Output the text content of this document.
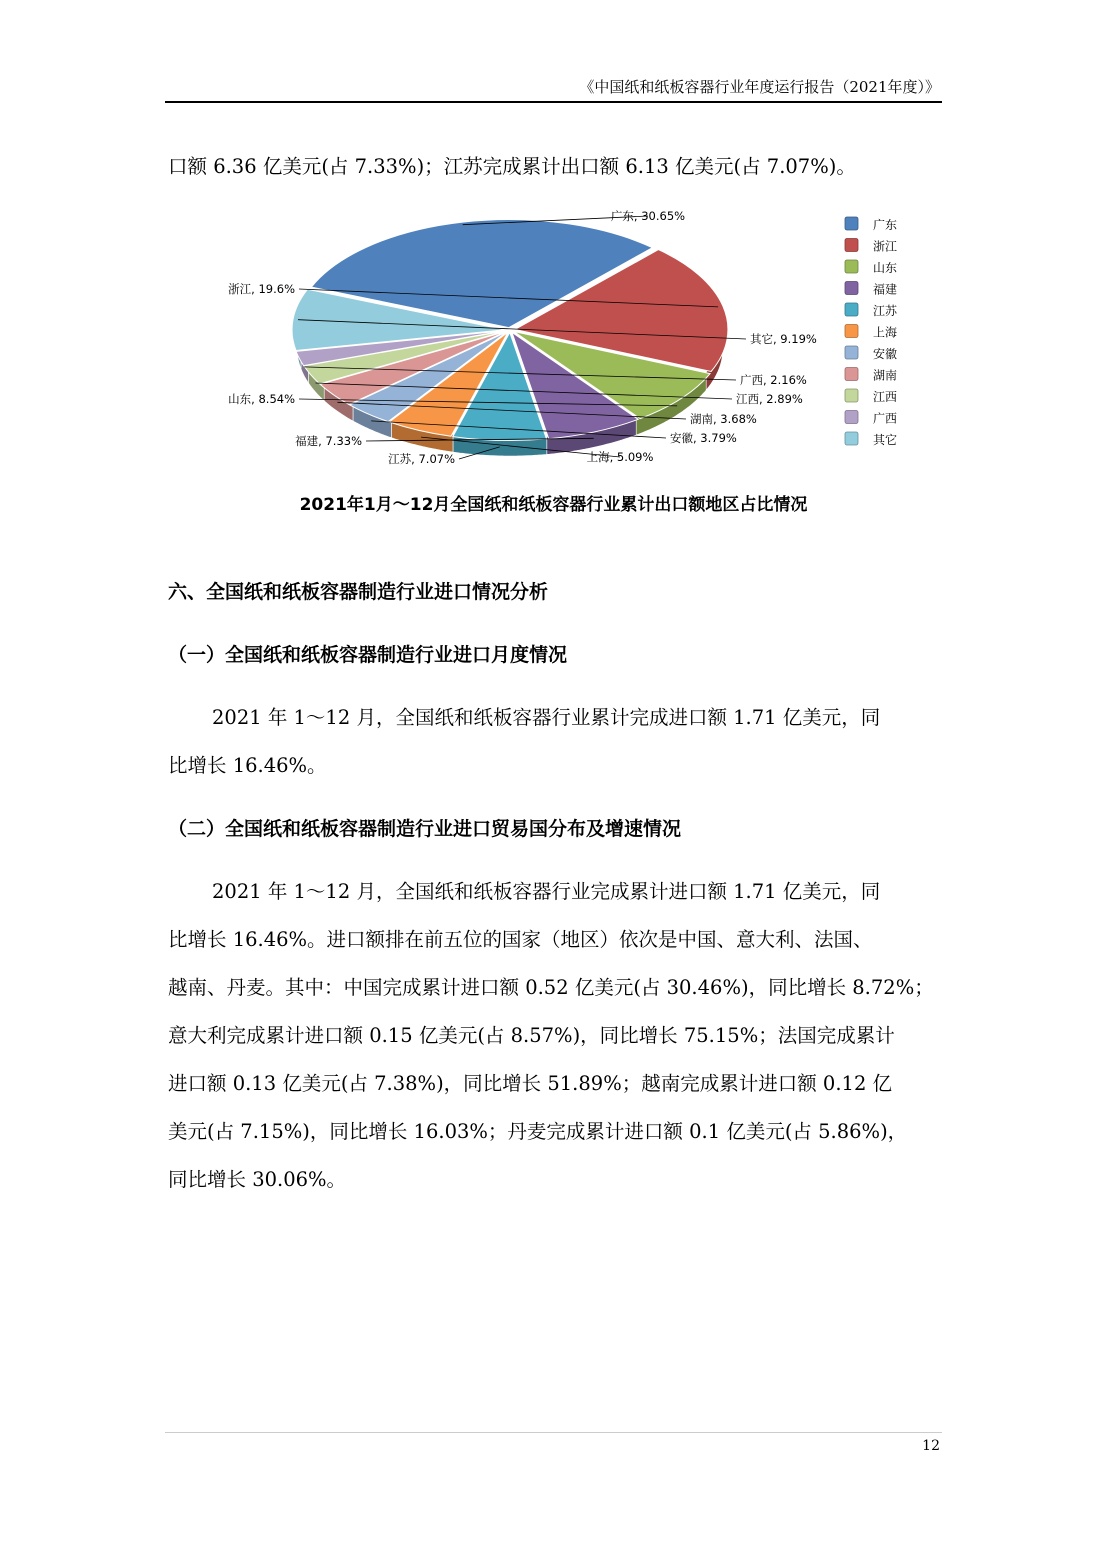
《中国纸和纸板容器行业年度运行报告（2021年度）》
口额 6.36 亿美元(占 7.33%)；江苏完成累计出口额 6.13 亿美元(占 7.07%)。
广东, 30.65%
浙江, 19.6%
山东, 8.54%
福建, 7.33%
江苏, 7.07%	上海, 5.09%
安徽, 3.79%
湖南, 3.68%
江西, 2.89%
广西, 2.16%
其它, 9.19%
广东
浙江
山东
福建
江苏
上海
安徽
湖南
江西
广西
其它
2021年1月～12月全国纸和纸板容器行业累计出口额地区占比情况
六、全国纸和纸板容器制造行业进口情况分析
（一）全国纸和纸板容器制造行业进口月度情况
2021 年 1～12 月，全国纸和纸板容器行业累计完成进口额 1.71 亿美元，同
比增长 16.46%。
（二）全国纸和纸板容器制造行业进口贸易国分布及增速情况
2021 年 1～12 月，全国纸和纸板容器行业完成累计进口额 1.71 亿美元，同
比增长 16.46%。进口额排在前五位的国家（地区）依次是中国、意大利、法国、
越南、丹麦。其中：中国完成累计进口额 0.52 亿美元(占 30.46%)，同比增长 8.72%；
意大利完成累计进口额 0.15 亿美元(占 8.57%)，同比增长 75.15%；法国完成累计
进口额 0.13 亿美元(占 7.38%)，同比增长 51.89%；越南完成累计进口额 0.12 亿
美元(占 7.15%)，同比增长 16.03%；丹麦完成累计进口额 0.1 亿美元(占 5.86%)，
同比增长 30.06%。
12
